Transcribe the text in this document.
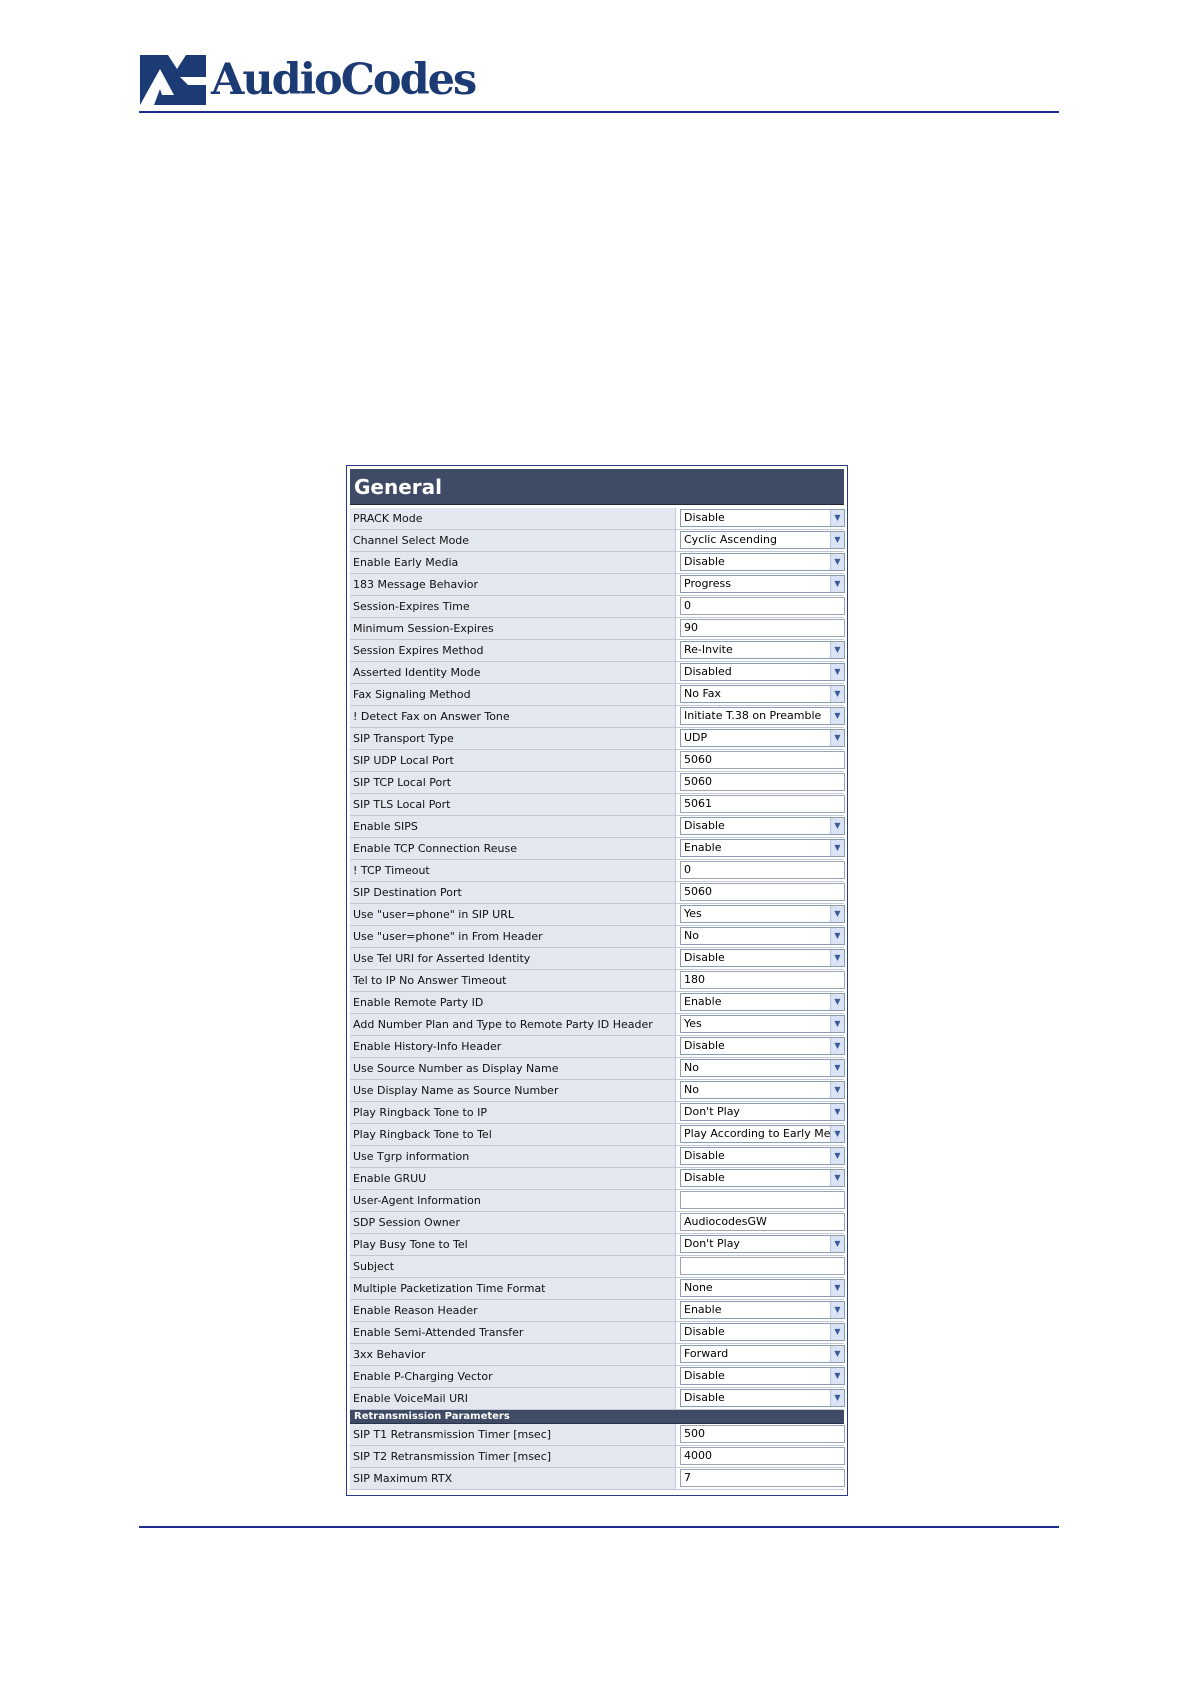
AudioCodes
General
PRACK Mode	Disable	▼
Channel Select Mode	Cyclic Ascending	▼
Enable Early Media	Disable	▼
183 Message Behavior	Progress	▼
Session-Expires Time	0
Minimum Session-Expires	90
Session Expires Method	Re-Invite	▼
Asserted Identity Mode	Disabled	▼
Fax Signaling Method	No Fax	▼
! Detect Fax on Answer Tone	Initiate T.38 on Preamble	▼
SIP Transport Type	UDP	▼
SIP UDP Local Port	5060
SIP TCP Local Port	5060
SIP TLS Local Port	5061
Enable SIPS	Disable	▼
Enable TCP Connection Reuse	Enable	▼
! TCP Timeout	0
SIP Destination Port	5060
Use "user=phone" in SIP URL	Yes	▼
Use "user=phone" in From Header	No	▼
Use Tel URI for Asserted Identity	Disable	▼
Tel to IP No Answer Timeout	180
Enable Remote Party ID	Enable	▼
Add Number Plan and Type to Remote Party ID Header	Yes	▼
Enable History-Info Header	Disable	▼
Use Source Number as Display Name	No	▼
Use Display Name as Source Number	No	▼
Play Ringback Tone to IP	Don't Play	▼
Play Ringback Tone to Tel	Play According to Early Me ▼
Use Tgrp information	Disable	▼
Enable GRUU	Disable	▼
User-Agent Information
SDP Session Owner	AudiocodesGW
Play Busy Tone to Tel	Don't Play	▼
Subject
Multiple Packetization Time Format	None	▼
Enable Reason Header	Enable	▼
Enable Semi-Attended Transfer	Disable	▼
3xx Behavior	Forward	▼
Enable P-Charging Vector	Disable	▼
Enable VoiceMail URI	Disable	▼
Retransmission Parameters
SIP T1 Retransmission Timer [msec]	500
SIP T2 Retransmission Timer [msec]	4000
SIP Maximum RTX	7
